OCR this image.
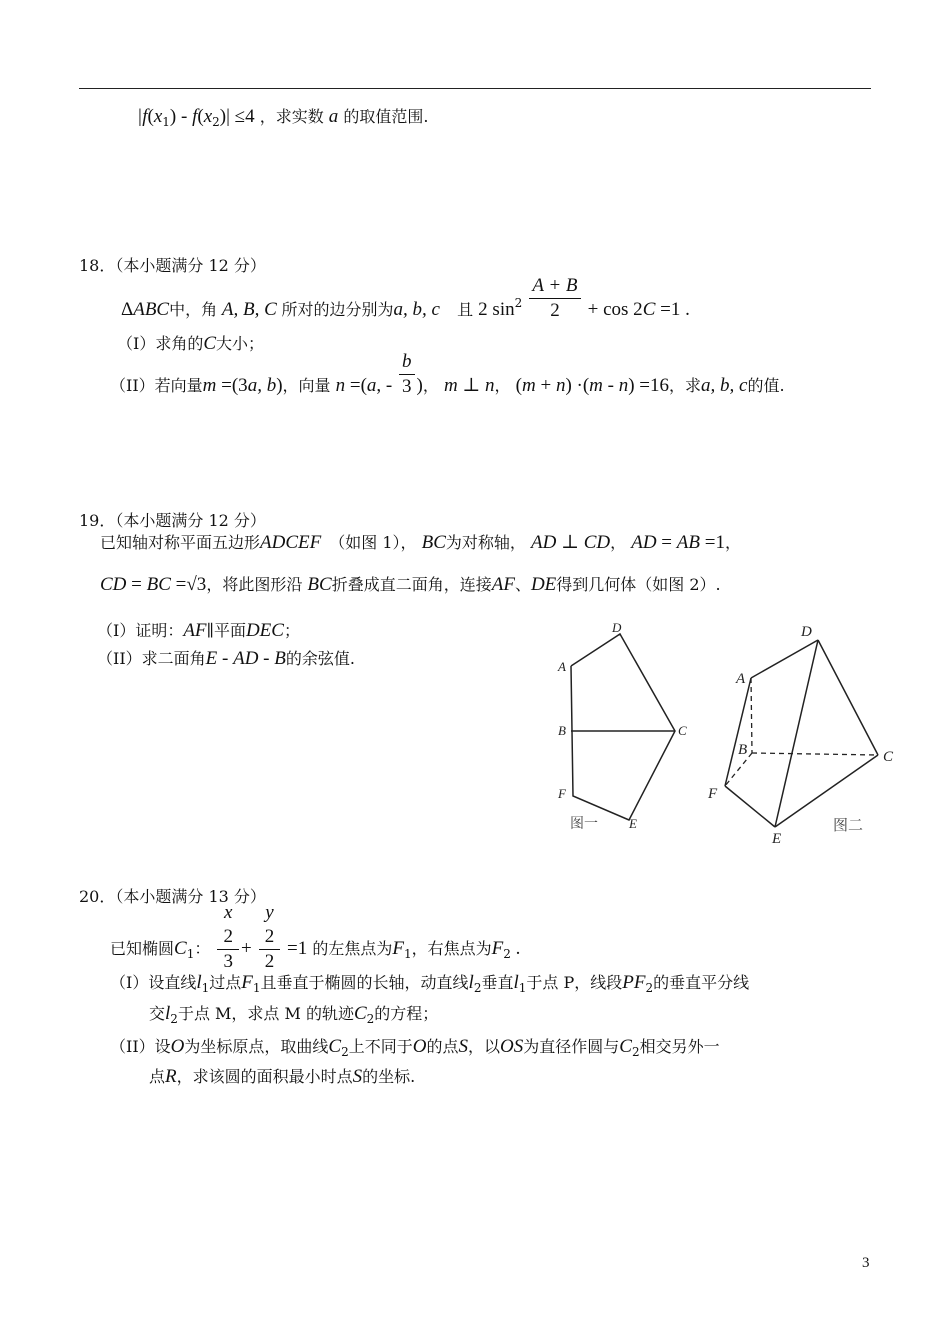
$|f(x_1) - f(x_2)| \le 4$ ，求实数 a 的取值范围.
18．（本小题满分 12 分）
ΔABC中，角 A, B, C 所对的边分别为a, b, c 且 2 $\sin^2 \frac{A + B}{2} + \cos 2C =1$ .
（I）求角的C大小；
（II）若向量m =(3a, b)，向量 n =(a, - $\frac{b}{3}$ )， m ⊥ n， (m + n) ·(m - n) =16，求a, b, c的值.
19．（本小题满分 12 分）
已知轴对称平面五边形ADCEF （如图 1）， BC为对称轴， AD ⊥ CD， AD = AB =1，
CD = BC =√3，将此图形沿 BC折叠成直二面角，连接AF、DE得到几何体（如图 2）.
（I）证明：AF∥平面DEC；
（II）求二面角E - AD - B的余弦值.
D
A
B	C
F
E
图一
D
A
B	C
F
E
图二
20．（本小题满分 13 分）
已知椭圆$C_1$： x
2
3 + y
2
2 =1 的左焦点为$F_1$，右焦点为$F_2$ .
（I）设直线$l_1$过点$F_1$且垂直于椭圆的长轴，动直线$l_2$垂直$l_1$于点 P，线段$PF_2$的垂直平分线
交$l_2$于点 M，求点 M 的轨迹$C_2$的方程；
（II）设O为坐标原点，取曲线$C_2$上不同于O的点S，以OS为直径作圆与$C_2$相交另外一
点R，求该圆的面积最小时点S的坐标.
3
